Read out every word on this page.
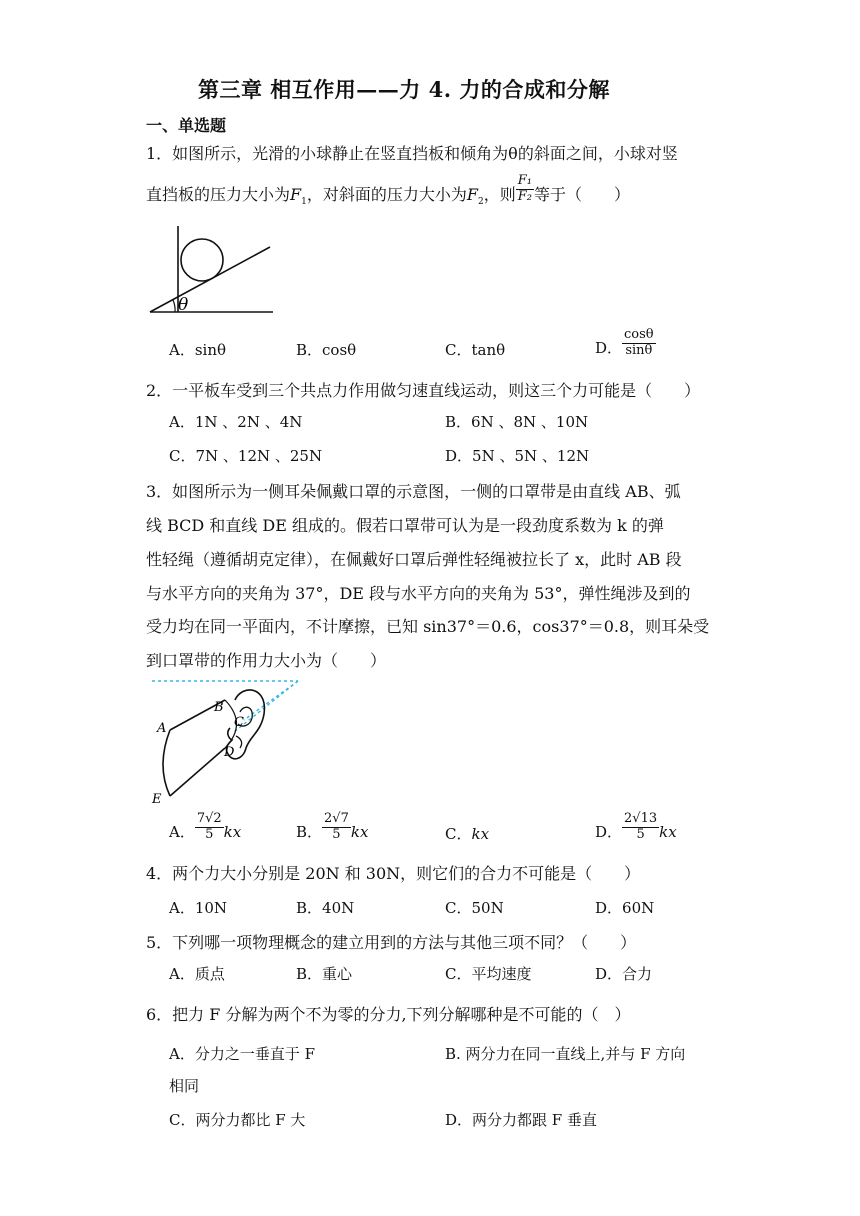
第三章 相互作用——力 4. 力的合成和分解
一、单选题
1．如图所示，光滑的小球静止在竖直挡板和倾角为θ的斜面之间，小球对竖
直挡板的压力大小为$F_1$，对斜面的压力大小为$F_2$，则 $\frac{\text{F₁}}{\text{F₂}}$ 等于（　　）
θ
A．sinθ	B．cosθ	C．tanθ	D． $\frac{\cos\theta}{\sin\theta}$
2．一平板车受到三个共点力作用做匀速直线运动，则这三个力可能是（　　）
A．1N 、2N 、4N	B．6N 、8N 、10N
C．7N 、12N 、25N	D．5N 、5N 、12N
3．如图所示为一侧耳朵佩戴口罩的示意图，一侧的口罩带是由直线 AB、弧
线 BCD 和直线 DE 组成的。假若口罩带可认为是一段劲度系数为 k 的弹
性轻绳（遵循胡克定律），在佩戴好口罩后弹性轻绳被拉长了 x，此时 AB 段
与水平方向的夹角为 37°，DE 段与水平方向的夹角为 53°，弹性绳涉及到的
受力均在同一平面内，不计摩擦，已知 sin37°＝0.6，cos37°＝0.8，则耳朵受
到口罩带的作用力大小为（　　）
A
B
C
D
E
A． $\frac{7√2}{5}$ kx	B． $\frac{2√7}{5}$ kx	C．kx	D． $\frac{2√13}{5}$ kx
4．两个力大小分别是 20N 和 30N，则它们的合力不可能是（　　）
A．10N	B．40N	C．50N	D．60N
5．下列哪一项物理概念的建立用到的方法与其他三项不同？（　　）
A．质点	B．重心	C．平均速度	D．合力
6．把力 F 分解为两个不为零的分力,下列分解哪种是不可能的（　）
A．分力之一垂直于 F	B. 两分力在同一直线上,并与 F 方向
相同
C．两分力都比 F 大	D．两分力都跟 F 垂直
